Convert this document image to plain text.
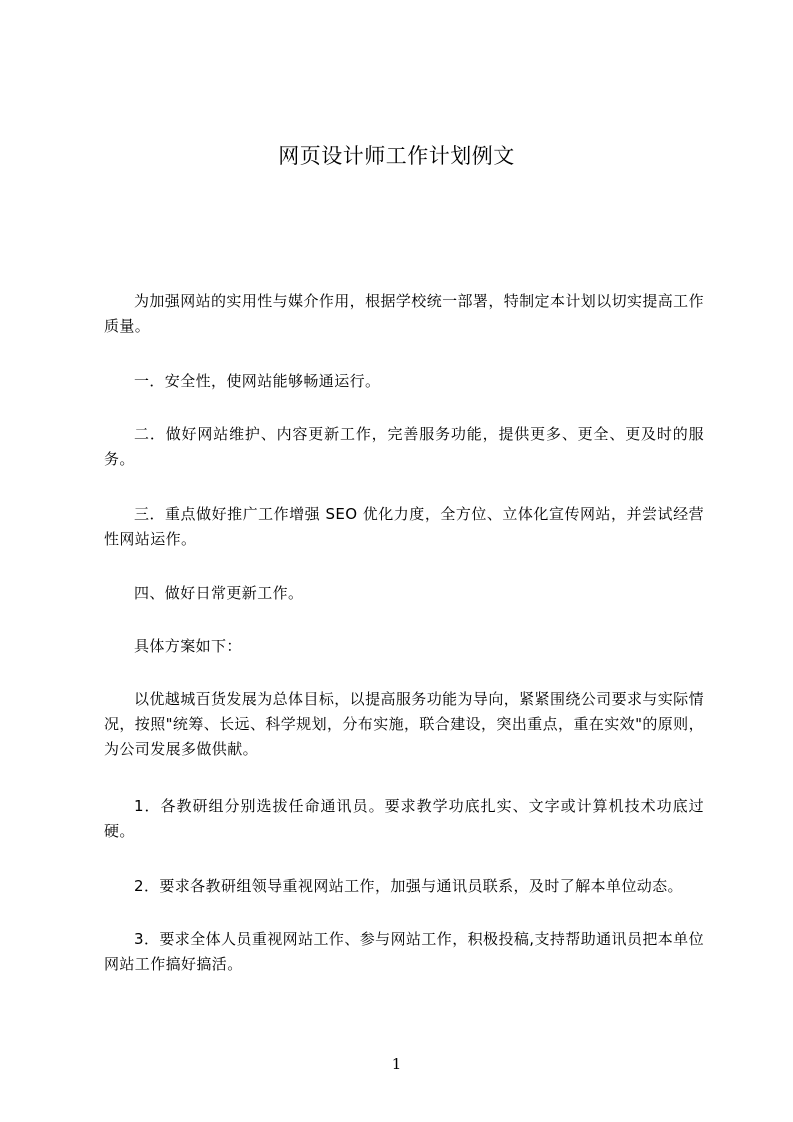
网页设计师工作计划例文

为加强网站的实用性与媒介作用，根据学校统一部署，特制定本计划以切实提高工作质量。

一．安全性，使网站能够畅通运行。

二．做好网站维护、内容更新工作，完善服务功能，提供更多、更全、更及时的服务。

三．重点做好推广工作增强 SEO 优化力度，全方位、立体化宣传网站，并尝试经营性网站运作。

四、做好日常更新工作。

具体方案如下：

以优越城百货发展为总体目标，以提高服务功能为导向，紧紧围绕公司要求与实际情况，按照"统筹、长远、科学规划，分布实施，联合建设，突出重点，重在实效"的原则，为公司发展多做供献。

1．各教研组分别选拔任命通讯员。要求教学功底扎实、文字或计算机技术功底过硬。

2．要求各教研组领导重视网站工作，加强与通讯员联系，及时了解本单位动态。

3．要求全体人员重视网站工作、参与网站工作，积极投稿,支持帮助通讯员把本单位网站工作搞好搞活。

1
